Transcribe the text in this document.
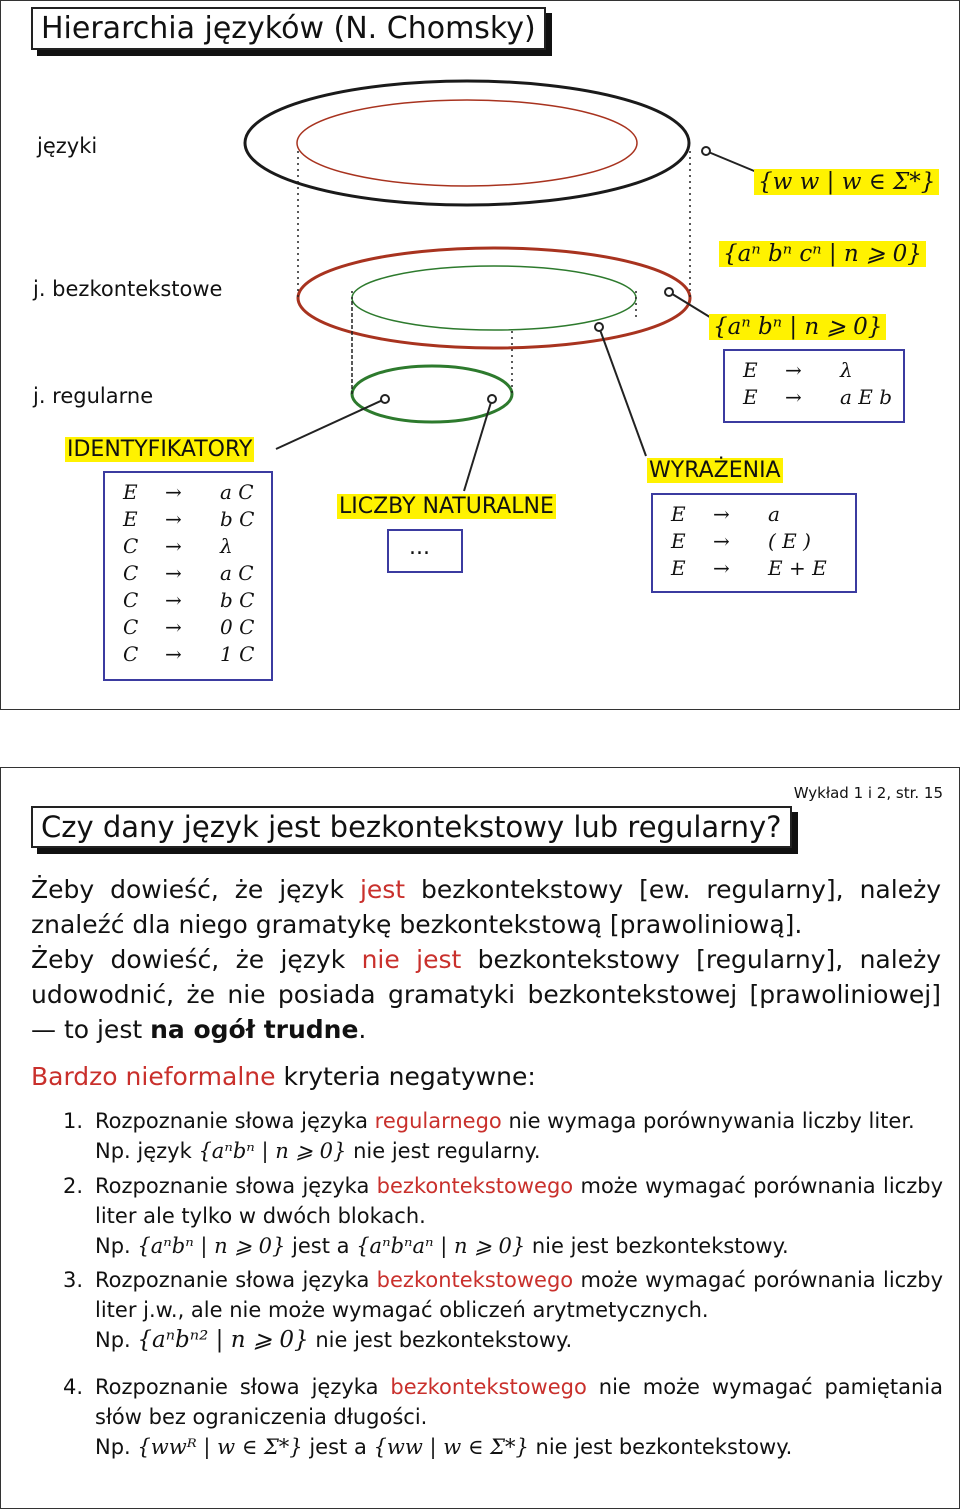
Hierarchia języków (N. Chomsky)
języki
j. bezkontekstowe
j. regularne
{w w | w ∈ Σ*}
{aⁿ bⁿ cⁿ | n ⩾ 0}
{aⁿ bⁿ | n ⩾ 0}
E	→	λ
E	→	a E b
IDENTYFIKATORY
E	→	a C
E	→	b C
C	→	λ
C	→	a C
C	→	b C
C	→	0 C
C	→	1 C
LICZBY NATURALNE
...
WYRAŻENIA
E	→	a
E	→	( E )
E	→	E + E
Wykład 1 i 2, str. 15
Czy dany język jest bezkontekstowy lub regularny?
Żeby dowieść, że język jest bezkontekstowy [ew. regularny], należy znaleźć dla niego gramatykę bezkontekstową [prawoliniową].
Żeby dowieść, że język nie jest bezkontekstowy [regularny], należy udowodnić, że nie posiada gramatyki bezkontekstowej [prawoliniowej] — to jest na ogół trudne.
Bardzo nieformalne kryteria negatywne:
1. Rozpoznanie słowa języka regularnego nie wymaga porównywania liczby liter.
Np. język {aⁿbⁿ | n ⩾ 0} nie jest regularny.
2. Rozpoznanie słowa języka bezkontekstowego może wymagać porównania liczby liter ale tylko w dwóch blokach.
Np. {aⁿbⁿ | n ⩾ 0} jest a {aⁿbⁿaⁿ | n ⩾ 0} nie jest bezkontekstowy.
3. Rozpoznanie słowa języka bezkontekstowego może wymagać porównania liczby liter j.w., ale nie może wymagać obliczeń arytmetycznych.
Np. {aⁿbⁿ² | n ⩾ 0} nie jest bezkontekstowy.
4. Rozpoznanie słowa języka bezkontekstowego nie może wymagać pamiętania słów bez ograniczenia długości.
Np. {wwᴿ | w ∈ Σ*} jest a {ww | w ∈ Σ*} nie jest bezkontekstowy.
